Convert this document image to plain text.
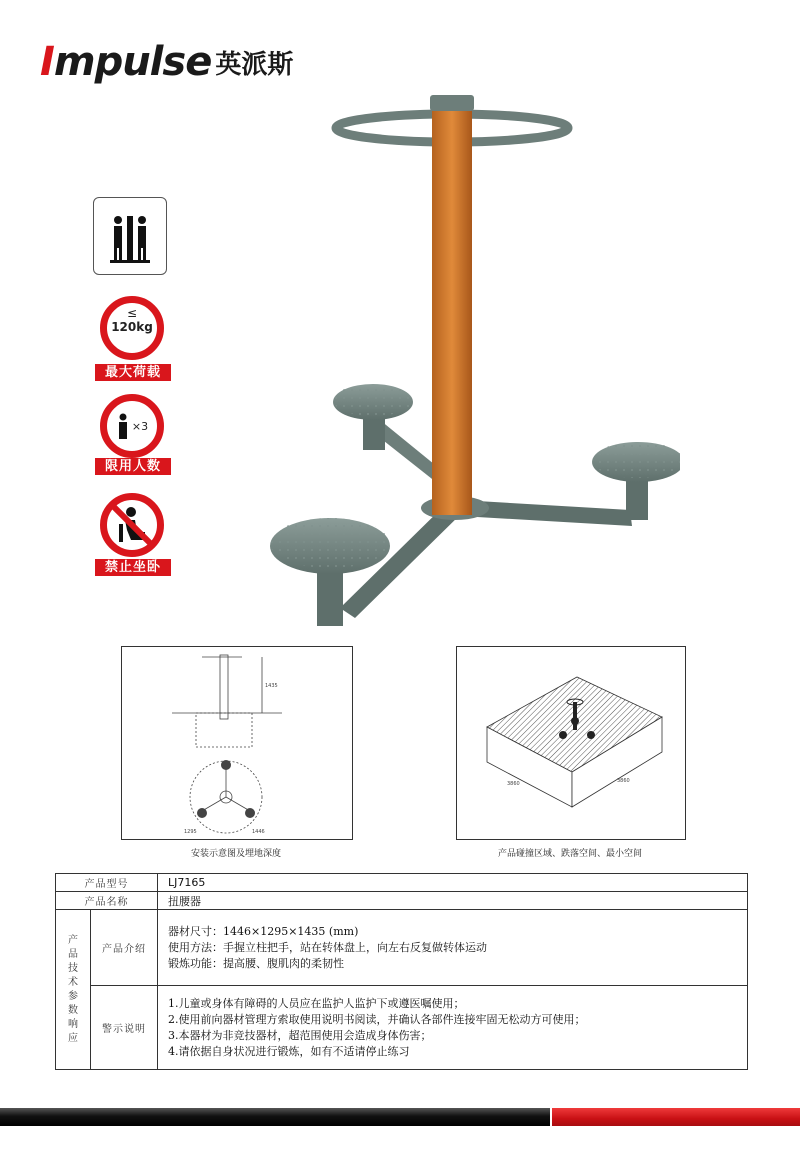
Impulse 英派斯
≤
120kg
最大荷载
×3
限用人数
禁止坐卧
1435
1295	1446
安装示意图及埋地深度
3860	3860
产品碰撞区域、跌落空间、最小空间
产品型号		LJ7165
产品名称		扭腰器

产品技术参数响应	产品介绍	器材尺寸：1446×1295×1435 (mm)
使用方法：手握立柱把手，站在转体盘上，向左右反复做转体运动
锻炼功能：提高腰、腹肌肉的柔韧性

	警示说明	1.儿童或身体有障碍的人员应在监护人监护下或遵医嘱使用；
2.使用前向器材管理方索取使用说明书阅读，并确认各部件连接牢固无松动方可使用；
3.本器材为非竞技器材，超范围使用会造成身体伤害；
4.请依据自身状况进行锻炼，如有不适请停止练习
